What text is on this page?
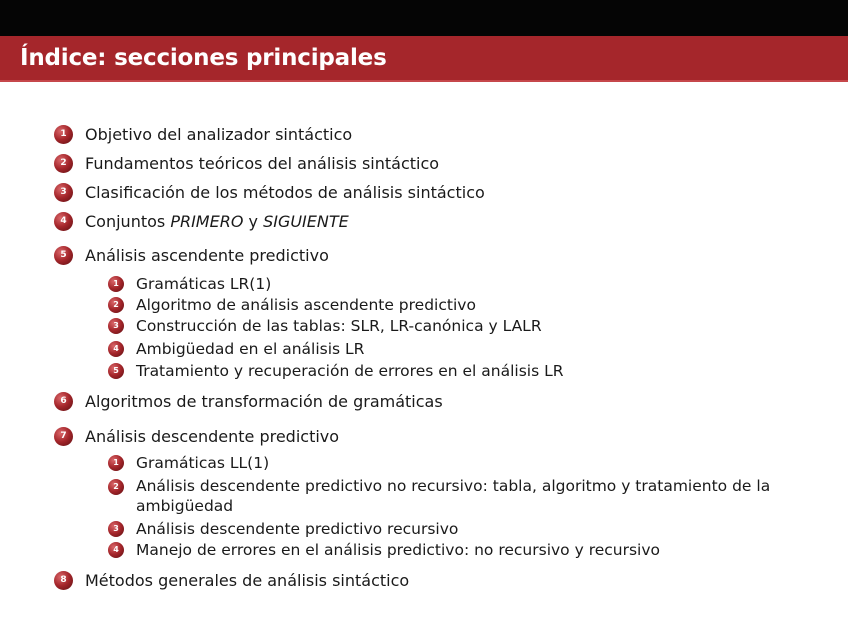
Índice: secciones principales
1	Objetivo del analizador sintáctico
2	Fundamentos teóricos del análisis sintáctico
3	Clasificación de los métodos de análisis sintáctico
4	Conjuntos PRIMERO y SIGUIENTE
5	Análisis ascendente predictivo
1	Gramáticas LR(1)
2	Algoritmo de análisis ascendente predictivo
3	Construcción de las tablas: SLR, LR-canónica y LALR
4	Ambigüedad en el análisis LR
5	Tratamiento y recuperación de errores en el análisis LR
6	Algoritmos de transformación de gramáticas
7	Análisis descendente predictivo
1	Gramáticas LL(1)
2	Análisis descendente predictivo no recursivo: tabla, algoritmo y tratamiento de la ambigüedad
3	Análisis descendente predictivo recursivo
4	Manejo de errores en el análisis predictivo: no recursivo y recursivo
8	Métodos generales de análisis sintáctico
